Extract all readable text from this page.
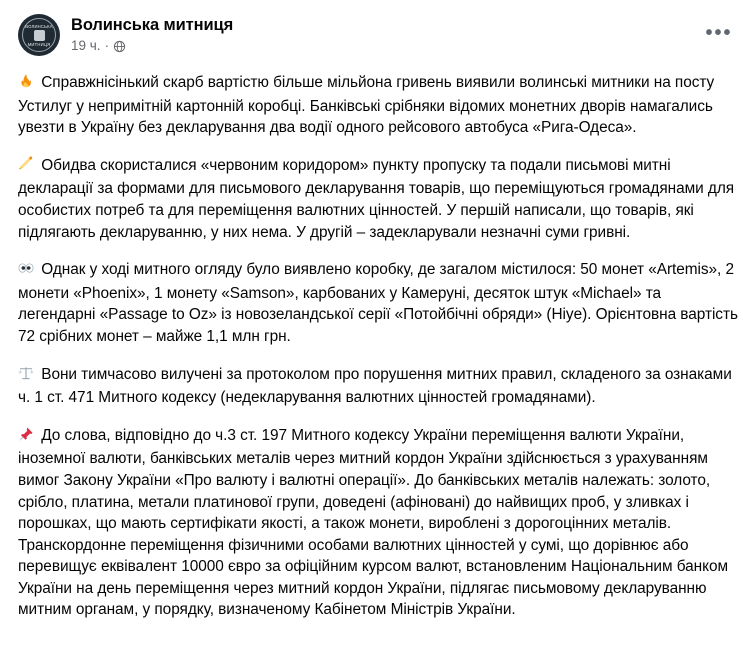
ВОЛИНСЬКА
МИТНИЦЯ
Волинська митниця
19 ч. ·
•••

Справжнісінький скарб вартістю більше мільйона гривень виявили волинські митники на посту Устилуг у непримітній картонній коробці. Банківські срібняки відомих монетних дворів намагались увезти в Україну без декларування два водії одного рейсового автобуса «Рига-Одеса».

Обидва скористалися «червоним коридором» пункту пропуску та подали письмові митні декларації за формами для письмового декларування товарів, що переміщуються громадянами для особистих потреб та для переміщення валютних цінностей. У першій написали, що товарів, які підлягають декларуванню, у них нема. У другій – задекларували незначні суми гривні.

Однак у ході митного огляду було виявлено коробку, де загалом містилося: 50 монет «Artemis», 2 монети «Phoenix», 1 монету «Samson», карбованих у Камеруні, десяток штук «Michael» та легендарні «Passage to Oz» із новозеландської серії «Потойбічні обряди» (Hiye). Орієнтовна вартість 72 срібних монет – майже 1,1 млн грн.

Вони тимчасово вилучені за протоколом про порушення митних правил, складеного за ознаками ч. 1 ст. 471 Митного кодексу (недекларування валютних цінностей громадянами).

До слова, відповідно до ч.3 ст. 197 Митного кодексу України переміщення валюти України, іноземної валюти, банківських металів через митний кордон України здійснюється з урахуванням вимог Закону України «Про валюту і валютні операції». До банківських металів належать: золото, срібло, платина, метали платинової групи, доведені (афіновані) до найвищих проб, у зливках і порошках, що мають сертифікати якості, а також монети, вироблені з дорогоцінних металів. Транскордонне переміщення фізичними особами валютних цінностей у сумі, що дорівнює або перевищує еквівалент 10000 євро за офіційним курсом валют, встановленим Національним банком України на день переміщення через митний кордон України, підлягає письмовому декларуванню митним органам, у порядку, визначеному Кабінетом Міністрів України.
